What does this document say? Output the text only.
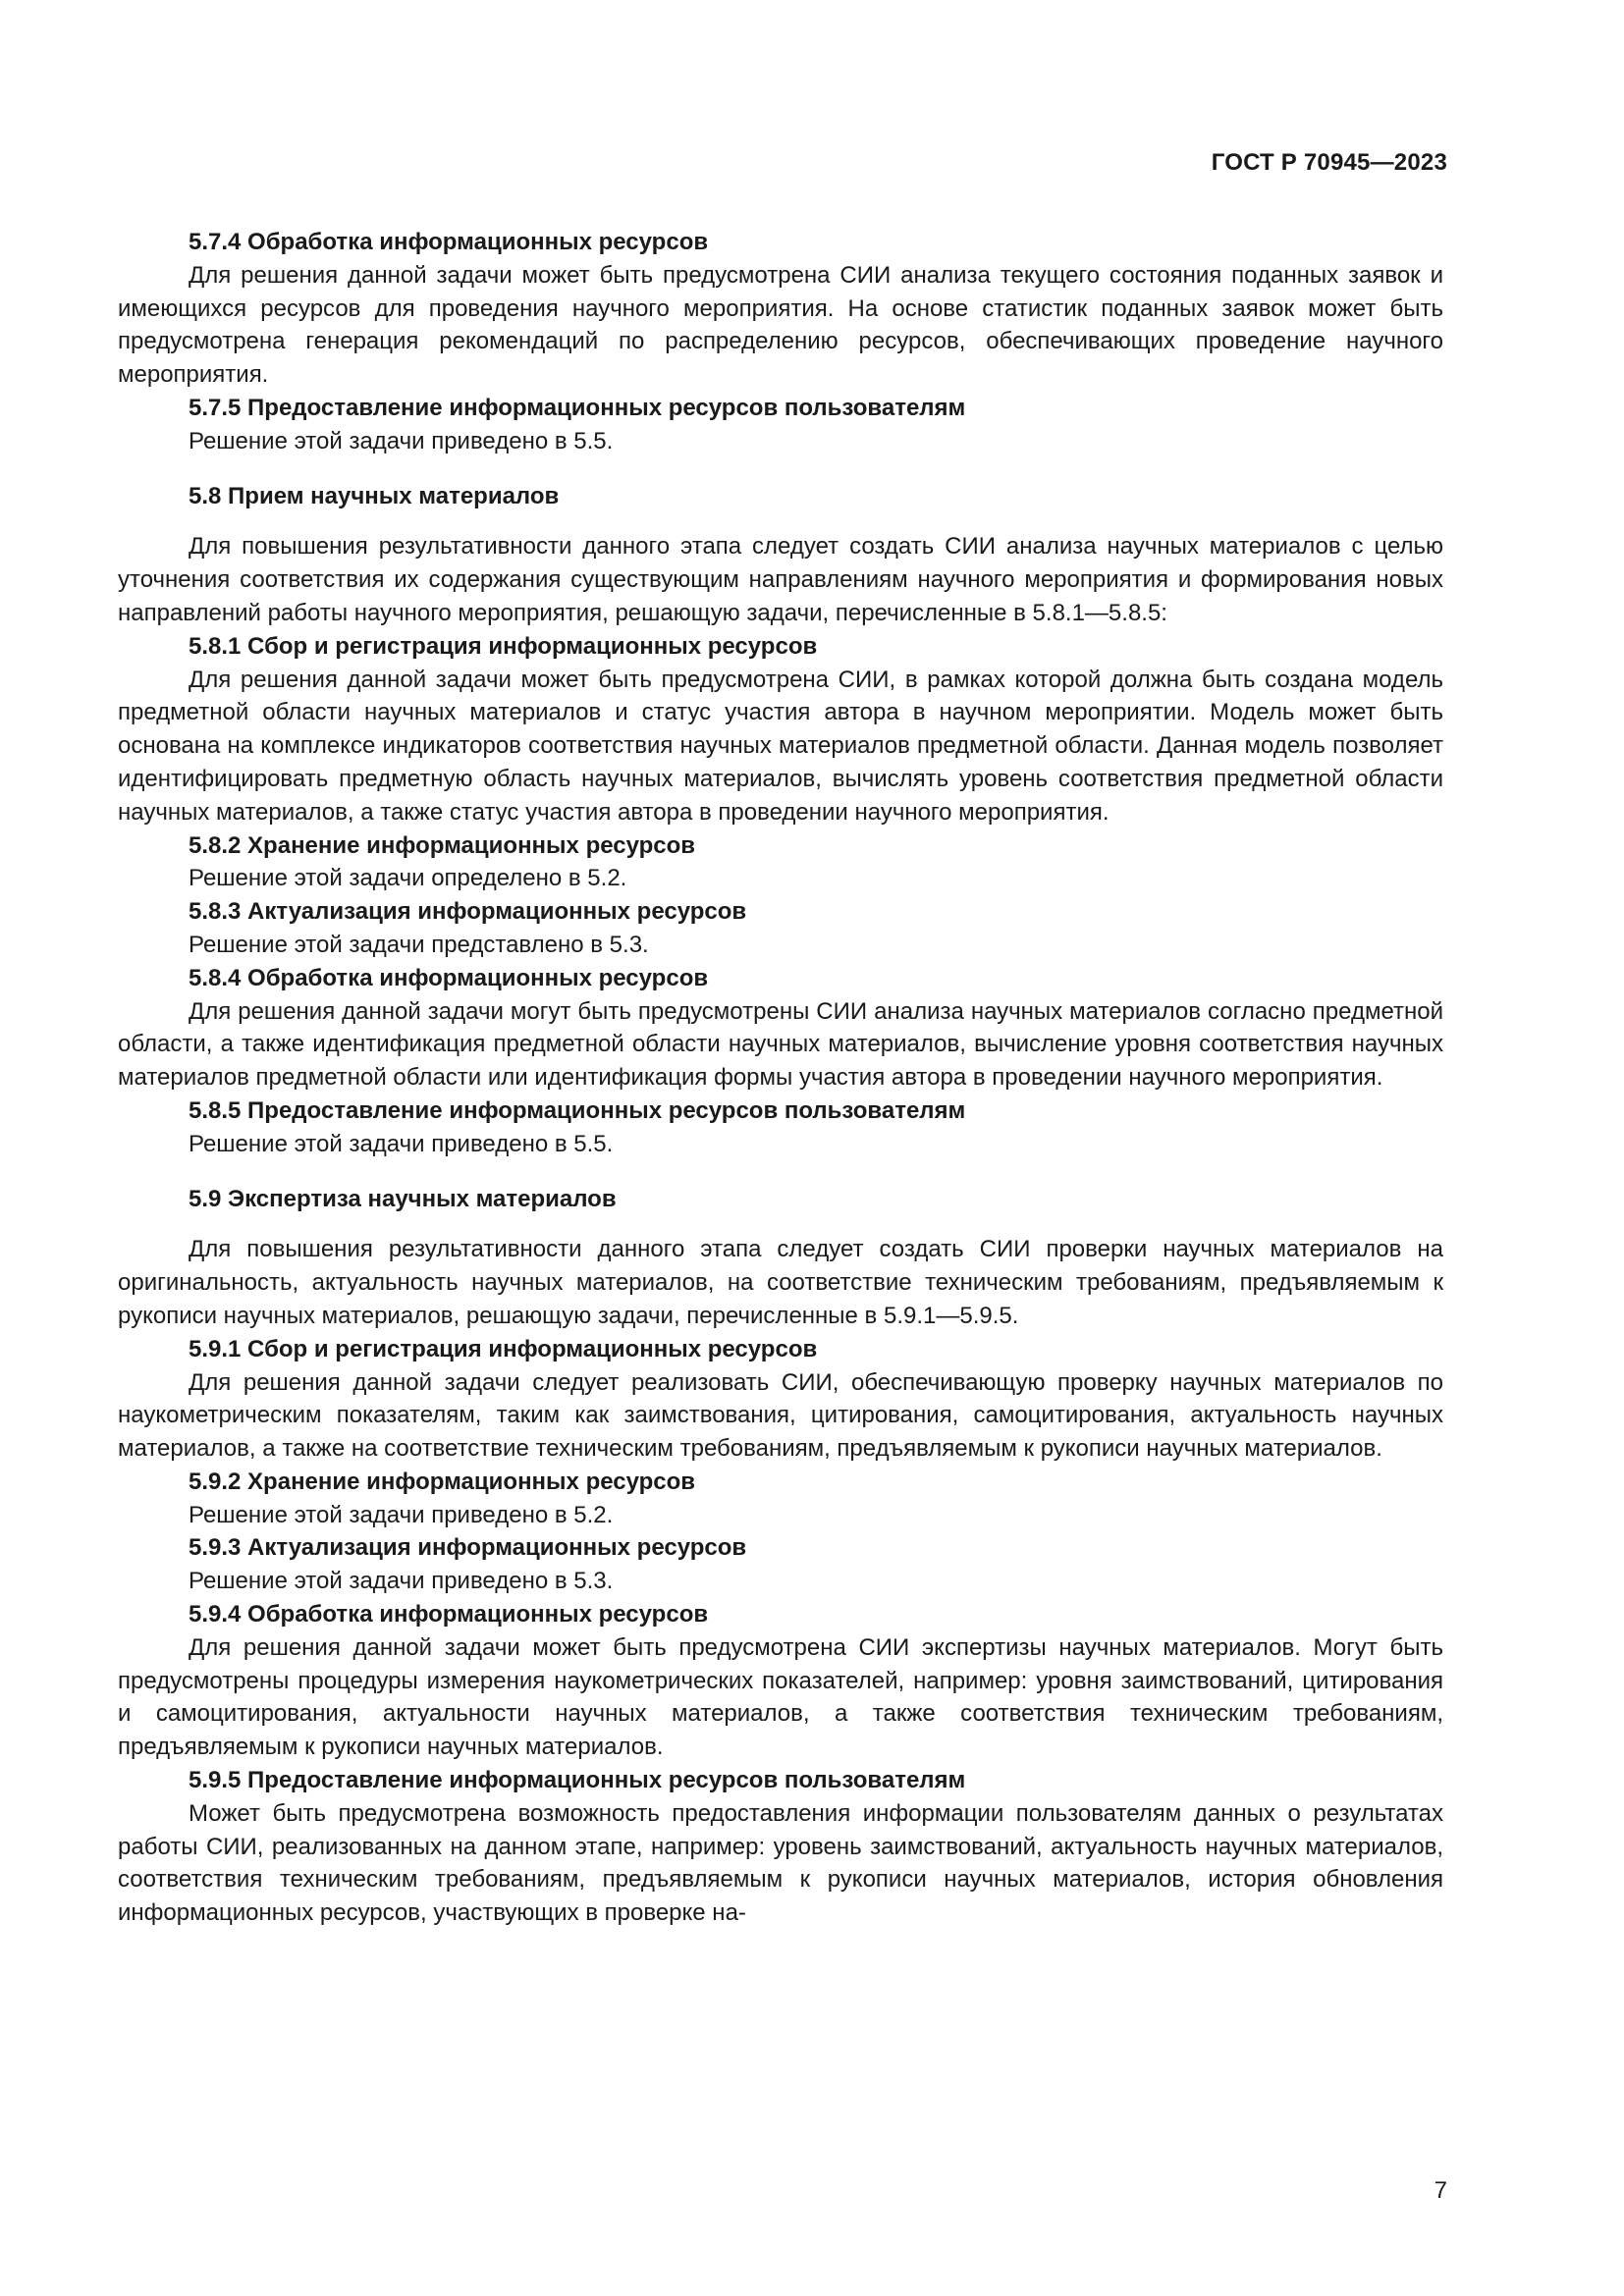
ГОСТ Р 70945—2023
5.7.4 Обработка информационных ресурсов
Для решения данной задачи может быть предусмотрена СИИ анализа текущего состояния поданных заявок и имеющихся ресурсов для проведения научного мероприятия. На основе статистик поданных заявок может быть предусмотрена генерация рекомендаций по распределению ресурсов, обеспечивающих проведение научного мероприятия.
5.7.5 Предоставление информационных ресурсов пользователям
Решение этой задачи приведено в 5.5.
5.8 Прием научных материалов
Для повышения результативности данного этапа следует создать СИИ анализа научных материалов с целью уточнения соответствия их содержания существующим направлениям научного мероприятия и формирования новых направлений работы научного мероприятия, решающую задачи, перечисленные в 5.8.1—5.8.5:
5.8.1 Сбор и регистрация информационных ресурсов
Для решения данной задачи может быть предусмотрена СИИ, в рамках которой должна быть создана модель предметной области научных материалов и статус участия автора в научном мероприятии. Модель может быть основана на комплексе индикаторов соответствия научных материалов предметной области. Данная модель позволяет идентифицировать предметную область научных материалов, вычислять уровень соответствия предметной области научных материалов, а также статус участия автора в проведении научного мероприятия.
5.8.2 Хранение информационных ресурсов
Решение этой задачи определено в 5.2.
5.8.3 Актуализация информационных ресурсов
Решение этой задачи представлено в 5.3.
5.8.4 Обработка информационных ресурсов
Для решения данной задачи могут быть предусмотрены СИИ анализа научных материалов согласно предметной области, а также идентификация предметной области научных материалов, вычисление уровня соответствия научных материалов предметной области или идентификация формы участия автора в проведении научного мероприятия.
5.8.5 Предоставление информационных ресурсов пользователям
Решение этой задачи приведено в 5.5.
5.9 Экспертиза научных материалов
Для повышения результативности данного этапа следует создать СИИ проверки научных материалов на оригинальность, актуальность научных материалов, на соответствие техническим требованиям, предъявляемым к рукописи научных материалов, решающую задачи, перечисленные в 5.9.1—5.9.5.
5.9.1 Сбор и регистрация информационных ресурсов
Для решения данной задачи следует реализовать СИИ, обеспечивающую проверку научных материалов по наукометрическим показателям, таким как заимствования, цитирования, самоцитирования, актуальность научных материалов, а также на соответствие техническим требованиям, предъявляемым к рукописи научных материалов.
5.9.2 Хранение информационных ресурсов
Решение этой задачи приведено в 5.2.
5.9.3 Актуализация информационных ресурсов
Решение этой задачи приведено в 5.3.
5.9.4 Обработка информационных ресурсов
Для решения данной задачи может быть предусмотрена СИИ экспертизы научных материалов. Могут быть предусмотрены процедуры измерения наукометрических показателей, например: уровня заимствований, цитирования и самоцитирования, актуальности научных материалов, а также соответствия техническим требованиям, предъявляемым к рукописи научных материалов.
5.9.5 Предоставление информационных ресурсов пользователям
Может быть предусмотрена возможность предоставления информации пользователям данных о результатах работы СИИ, реализованных на данном этапе, например: уровень заимствований, актуальность научных материалов, соответствия техническим требованиям, предъявляемым к рукописи научных материалов, история обновления информационных ресурсов, участвующих в проверке на-
7
